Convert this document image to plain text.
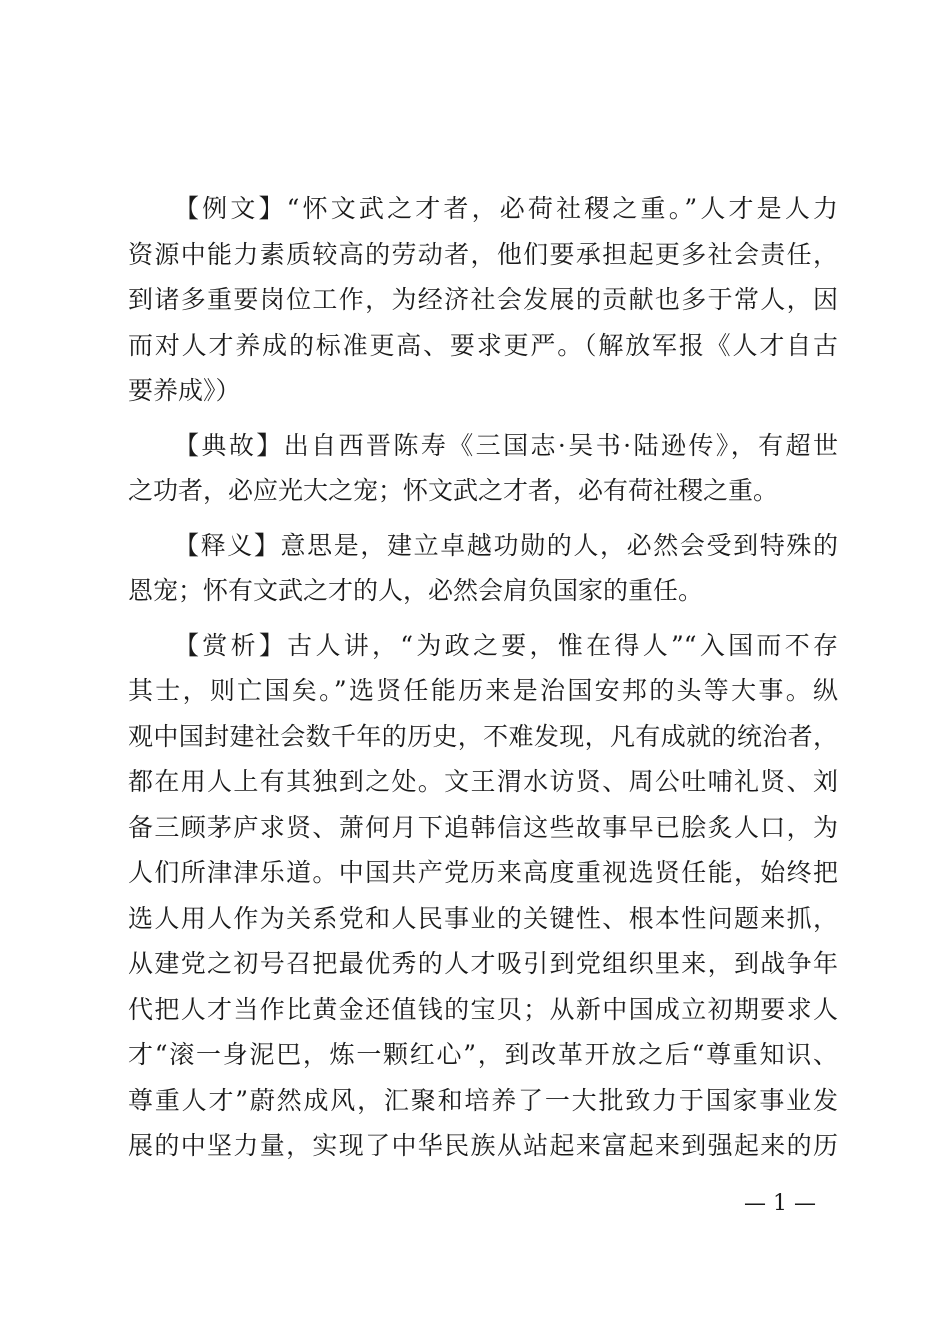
【例文】“怀文武之才者，必荷社稷之重。”人才是人力
资源中能力素质较高的劳动者，他们要承担起更多社会责任，
到诸多重要岗位工作，为经济社会发展的贡献也多于常人，因
而对人才养成的标准更高、要求更严。（解放军报《人才自古
要养成》）
【典故】出自西晋陈寿《三国志·吴书·陆逊传》，有超世
之功者，必应光大之宠；怀文武之才者，必有荷社稷之重。
【释义】意思是，建立卓越功勋的人，必然会受到特殊的
恩宠；怀有文武之才的人，必然会肩负国家的重任。
【赏析】古人讲，“为政之要，惟在得人”“入国而不存
其士，则亡国矣。”选贤任能历来是治国安邦的头等大事。纵
观中国封建社会数千年的历史，不难发现，凡有成就的统治者，
都在用人上有其独到之处。文王渭水访贤、周公吐哺礼贤、刘
备三顾茅庐求贤、萧何月下追韩信这些故事早已脍炙人口，为
人们所津津乐道。中国共产党历来高度重视选贤任能，始终把
选人用人作为关系党和人民事业的关键性、根本性问题来抓，
从建党之初号召把最优秀的人才吸引到党组织里来，到战争年
代把人才当作比黄金还值钱的宝贝；从新中国成立初期要求人
才“滚一身泥巴，炼一颗红心”，到改革开放之后“尊重知识、
尊重人才”蔚然成风，汇聚和培养了一大批致力于国家事业发
展的中坚力量，实现了中华民族从站起来富起来到强起来的历
— 1 —
